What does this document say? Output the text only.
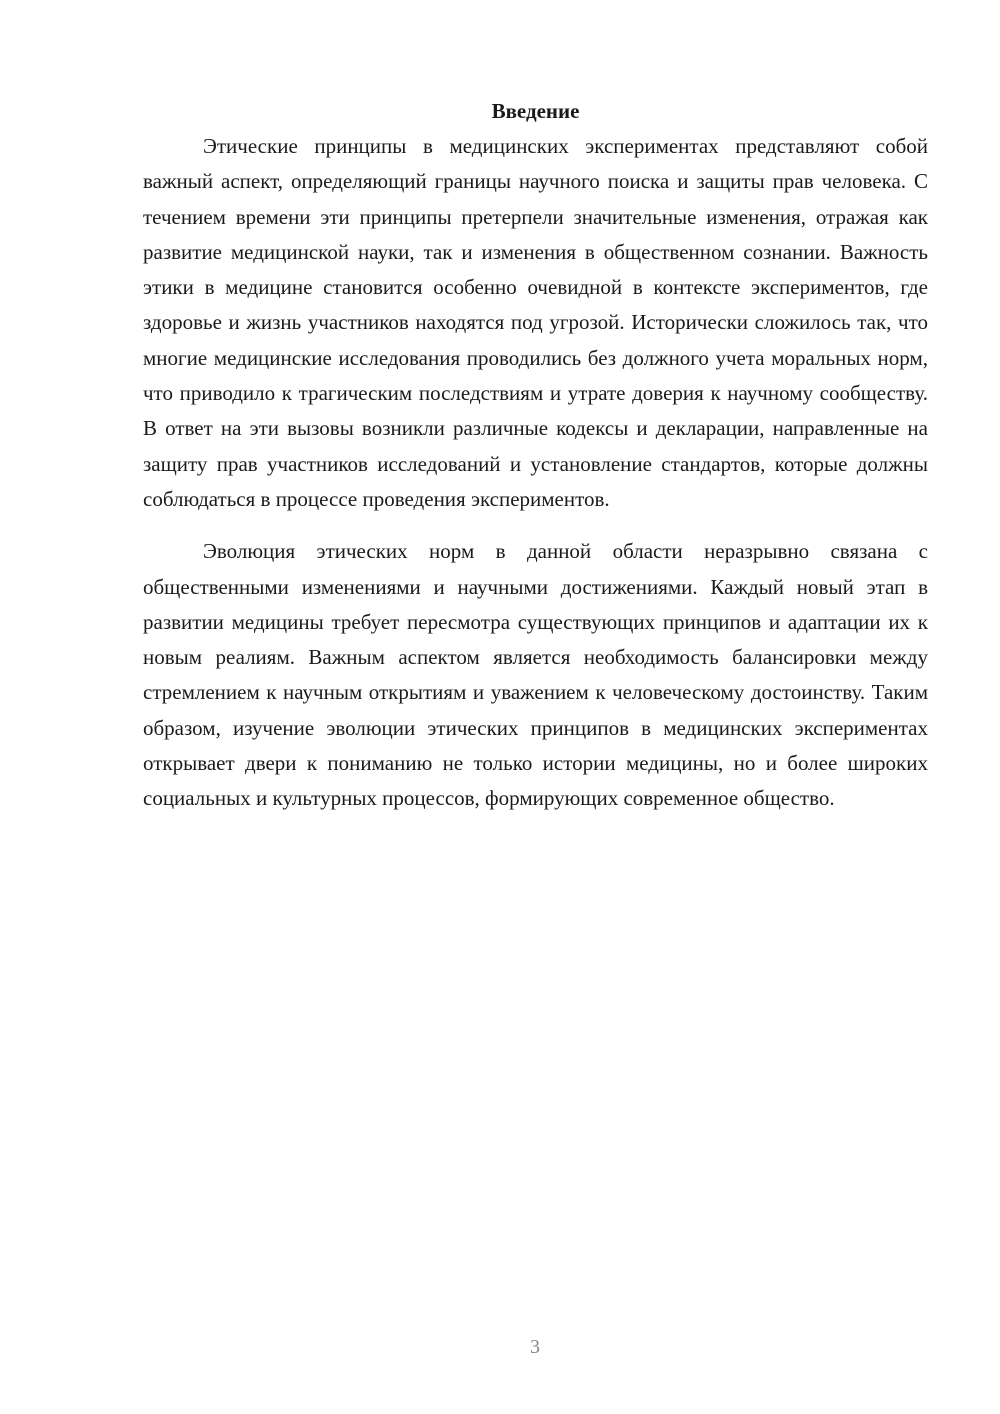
Введение

Этические принципы в медицинских экспериментах представляют собой важный аспект, определяющий границы научного поиска и защиты прав человека. С течением времени эти принципы претерпели значительные изменения, отражая как развитие медицинской науки, так и изменения в общественном сознании. Важность этики в медицине становится особенно очевидной в контексте экспериментов, где здоровье и жизнь участников находятся под угрозой. Исторически сложилось так, что многие медицинские исследования проводились без должного учета моральных норм, что приводило к трагическим последствиям и утрате доверия к научному сообществу. В ответ на эти вызовы возникли различные кодексы и декларации, направленные на защиту прав участников исследований и установление стандартов, которые должны соблюдаться в процессе проведения экспериментов.

Эволюция этических норм в данной области неразрывно связана с общественными изменениями и научными достижениями. Каждый новый этап в развитии медицины требует пересмотра существующих принципов и адаптации их к новым реалиям. Важным аспектом является необходимость балансировки между стремлением к научным открытиям и уважением к человеческому достоинству. Таким образом, изучение эволюции этических принципов в медицинских экспериментах открывает двери к пониманию не только истории медицины, но и более широких социальных и культурных процессов, формирующих современное общество.

3
